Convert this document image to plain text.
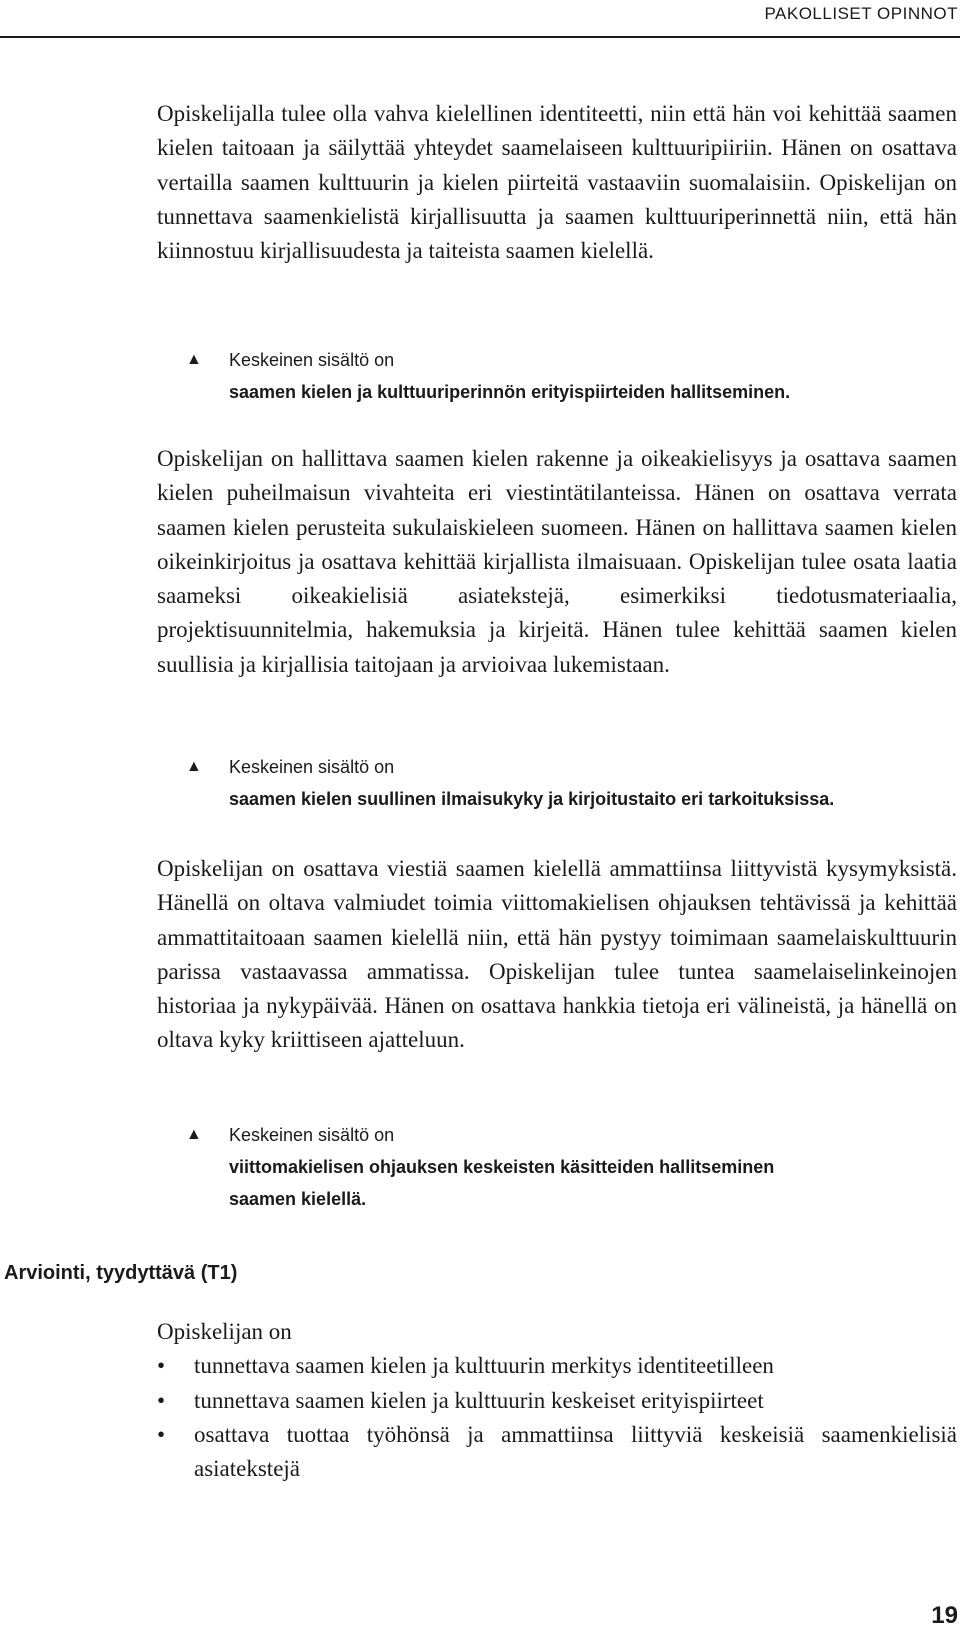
PAKOLLISET OPINNOT

Opiskelijalla tulee olla vahva kielellinen identiteetti, niin että hän voi kehittää saamen kielen taitoaan ja säilyttää yhteydet saamelaiseen kulttuuripiiriin. Hänen on osattava vertailla saamen kulttuurin ja kielen piirteitä vastaaviin suomalaisiin. Opiskelijan on tunnettava saamenkielistä kirjallisuutta ja saamen kulttuuriperinnettä niin, että hän kiinnostuu kirjallisuudesta ja taiteista saamen kielellä.

▲	Keskeinen sisältö on
saamen kielen ja kulttuuriperinnön erityispiirteiden hallitseminen.

Opiskelijan on hallittava saamen kielen rakenne ja oikeakielisyys ja osattava saamen kielen puheilmaisun vivahteita eri viestintätilanteissa. Hänen on osattava verrata saamen kielen perusteita sukulaiskieleen suomeen. Hänen on hallittava saamen kielen oikeinkirjoitus ja osattava kehittää kirjallista ilmaisuaan. Opiskelijan tulee osata laatia saameksi oikeakielisiä asiatekstejä, esimerkiksi tiedotusmateriaalia, projektisuunnitelmia, hakemuksia ja kirjeitä. Hänen tulee kehittää saamen kielen suullisia ja kirjallisia taitojaan ja arvioivaa lukemistaan.

▲	Keskeinen sisältö on
saamen kielen suullinen ilmaisukyky ja kirjoitustaito eri tarkoituksissa.

Opiskelijan on osattava viestiä saamen kielellä ammattiinsa liittyvistä kysymyksistä. Hänellä on oltava valmiudet toimia viittomakielisen ohjauksen tehtävissä ja kehittää ammattitaitoaan saamen kielellä niin, että hän pystyy toimimaan saamelaiskulttuurin parissa vastaavassa ammatissa. Opiskelijan tulee tuntea saamelaiselinkeinojen historiaa ja nykypäivää. Hänen on osattava hankkia tietoja eri välineistä, ja hänellä on oltava kyky kriittiseen ajatteluun.

▲	Keskeinen sisältö on
viittomakielisen ohjauksen keskeisten käsitteiden hallitseminen
saamen kielellä.
Arviointi, tyydyttävä (T1)

Opiskelijan on

• tunnettava saamen kielen ja kulttuurin merkitys identiteetilleen
• tunnettava saamen kielen ja kulttuurin keskeiset erityispiirteet
• osattava tuottaa työhönsä ja ammattiinsa liittyviä keskeisiä saamenkielisiä asiatekstejä
19
